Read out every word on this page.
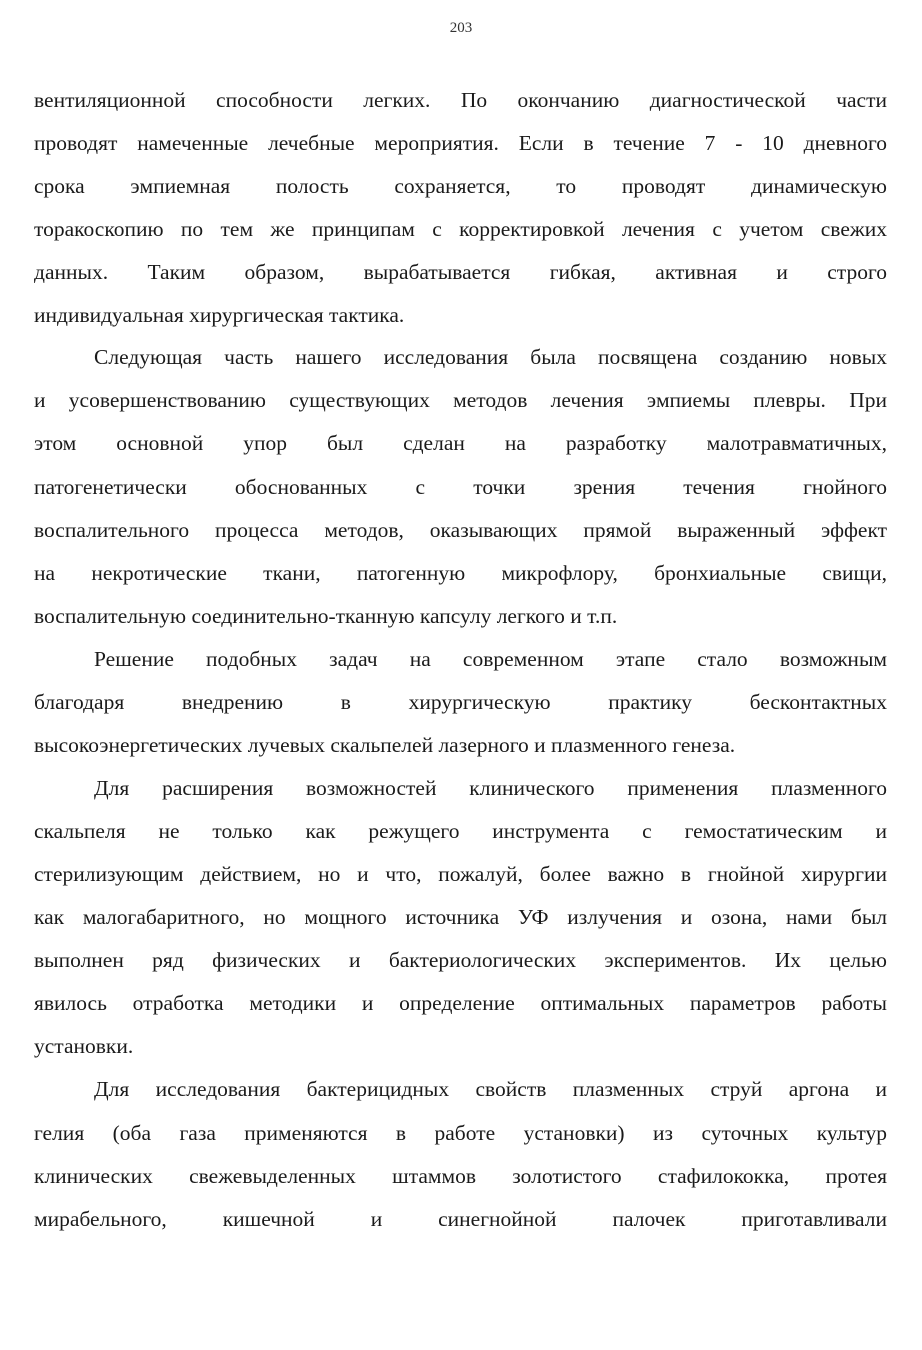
203
вентиляционной способности легких. По окончанию диагностической части
проводят намеченные лечебные мероприятия. Если в течение 7 - 10 дневного
срока эмпиемная полость сохраняется, то проводят динамическую
торакоскопию по тем же принципам с корректировкой лечения с учетом свежих
данных. Таким образом, вырабатывается гибкая, активная и строго
индивидуальная хирургическая тактика.
Следующая часть нашего исследования была посвящена созданию новых
и усовершенствованию существующих методов лечения эмпиемы плевры. При
этом основной упор был сделан на разработку малотравматичных,
патогенетически обоснованных с точки зрения течения гнойного
воспалительного процесса методов, оказывающих прямой выраженный эффект
на некротические ткани, патогенную микрофлору, бронхиальные свищи,
воспалительную соединительно-тканную капсулу легкого и т.п.
Решение подобных задач на современном этапе стало возможным
благодаря внедрению в хирургическую практику бесконтактных
высокоэнергетических лучевых скальпелей лазерного и плазменного генеза.
Для расширения возможностей клинического применения плазменного
скальпеля не только как режущего инструмента с гемостатическим и
стерилизующим действием, но и что, пожалуй, более важно в гнойной хирургии
как малогабаритного, но мощного источника УФ излучения и озона, нами был
выполнен ряд физических и бактериологических экспериментов. Их целью
явилось отработка методики и определение оптимальных параметров работы
установки.
Для исследования бактерицидных свойств плазменных струй аргона и
гелия (оба газа применяются в работе установки) из суточных культур
клинических свежевыделенных штаммов золотистого стафилококка, протея
мирабельного, кишечной и синегнойной палочек приготавливали
